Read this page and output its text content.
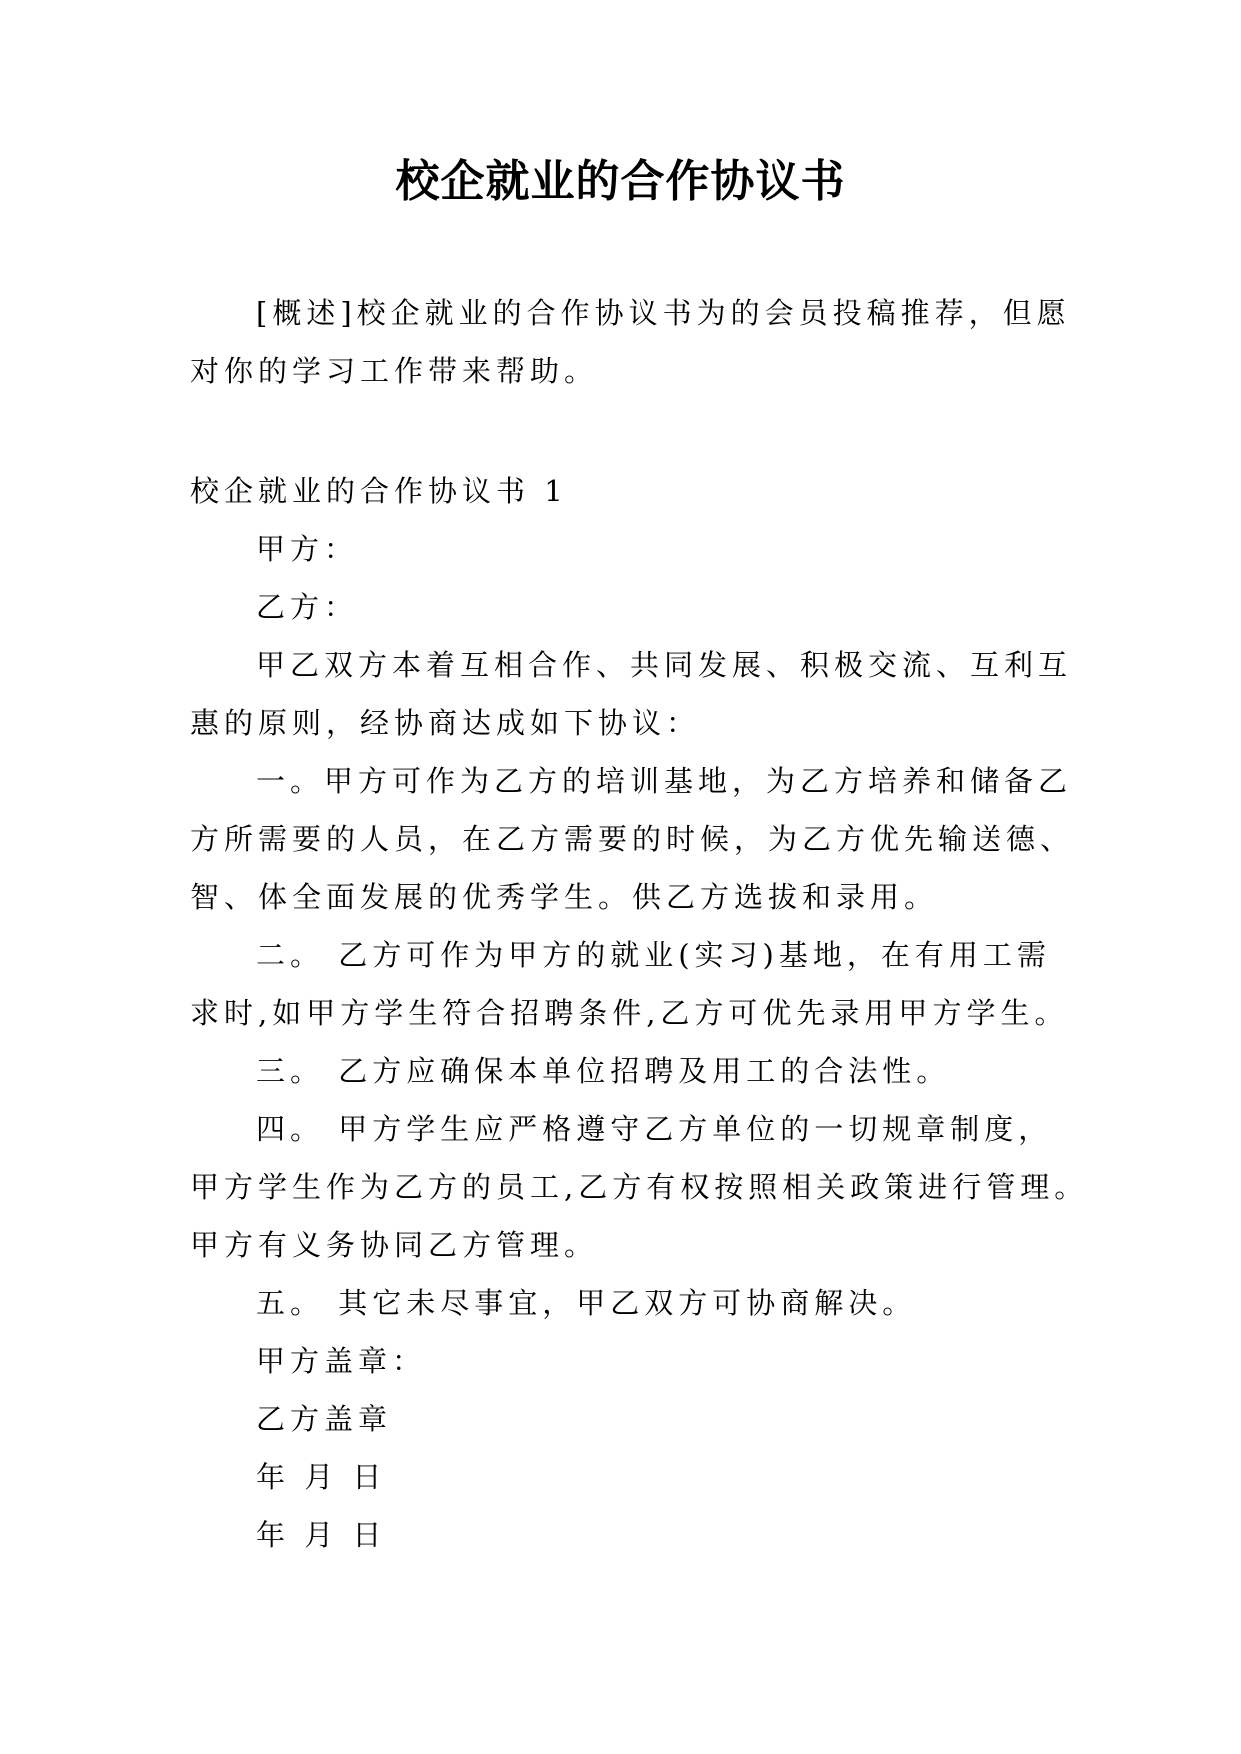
校企就业的合作协议书

[概述]校企就业的合作协议书为的会员投稿推荐，但愿

对你的学习工作带来帮助。

校企就业的合作协议书 1

甲方：

乙方：

甲乙双方本着互相合作、共同发展、积极交流、互利互

惠的原则，经协商达成如下协议：

一。甲方可作为乙方的培训基地，为乙方培养和储备乙

方所需要的人员，在乙方需要的时候，为乙方优先输送德、

智、体全面发展的优秀学生。供乙方选拔和录用。

二。 乙方可作为甲方的就业(实习)基地，在有用工需

求时,如甲方学生符合招聘条件,乙方可优先录用甲方学生。

三。 乙方应确保本单位招聘及用工的合法性。

四。 甲方学生应严格遵守乙方单位的一切规章制度，

甲方学生作为乙方的员工,乙方有权按照相关政策进行管理。

甲方有义务协同乙方管理。

五。 其它未尽事宜，甲乙双方可协商解决。

甲方盖章：

乙方盖章

年 月 日

年 月 日
